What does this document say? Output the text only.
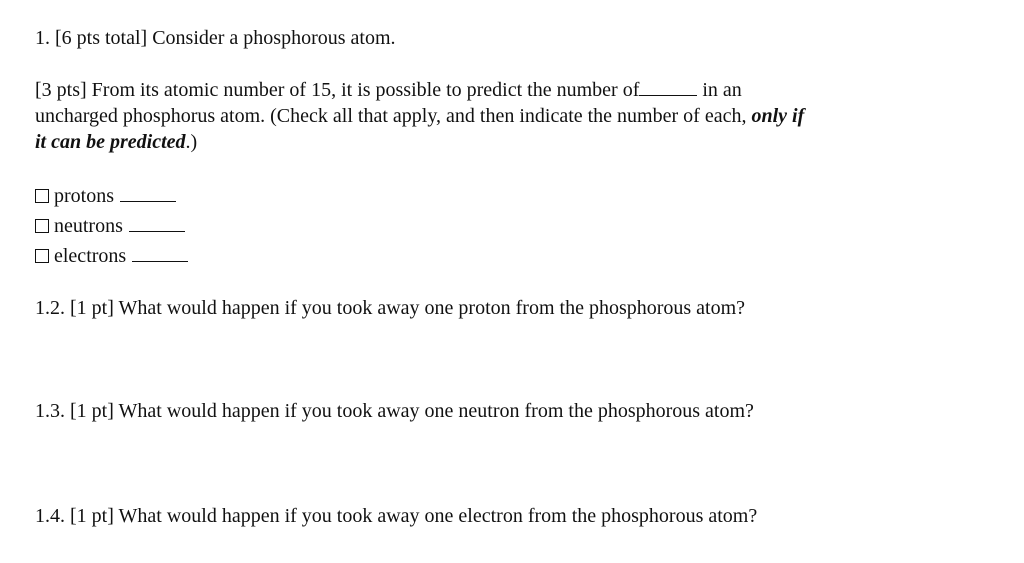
1. [6 pts total] Consider a phosphorous atom.
[3 pts] From its atomic number of 15, it is possible to predict the number of	in an
uncharged phosphorus atom. (Check all that apply, and then indicate the number of each, only if
it can be predicted.)
protons
neutrons
electrons
1.2. [1 pt] What would happen if you took away one proton from the phosphorous atom?
1.3. [1 pt] What would happen if you took away one neutron from the phosphorous atom?
1.4. [1 pt] What would happen if you took away one electron from the phosphorous atom?
